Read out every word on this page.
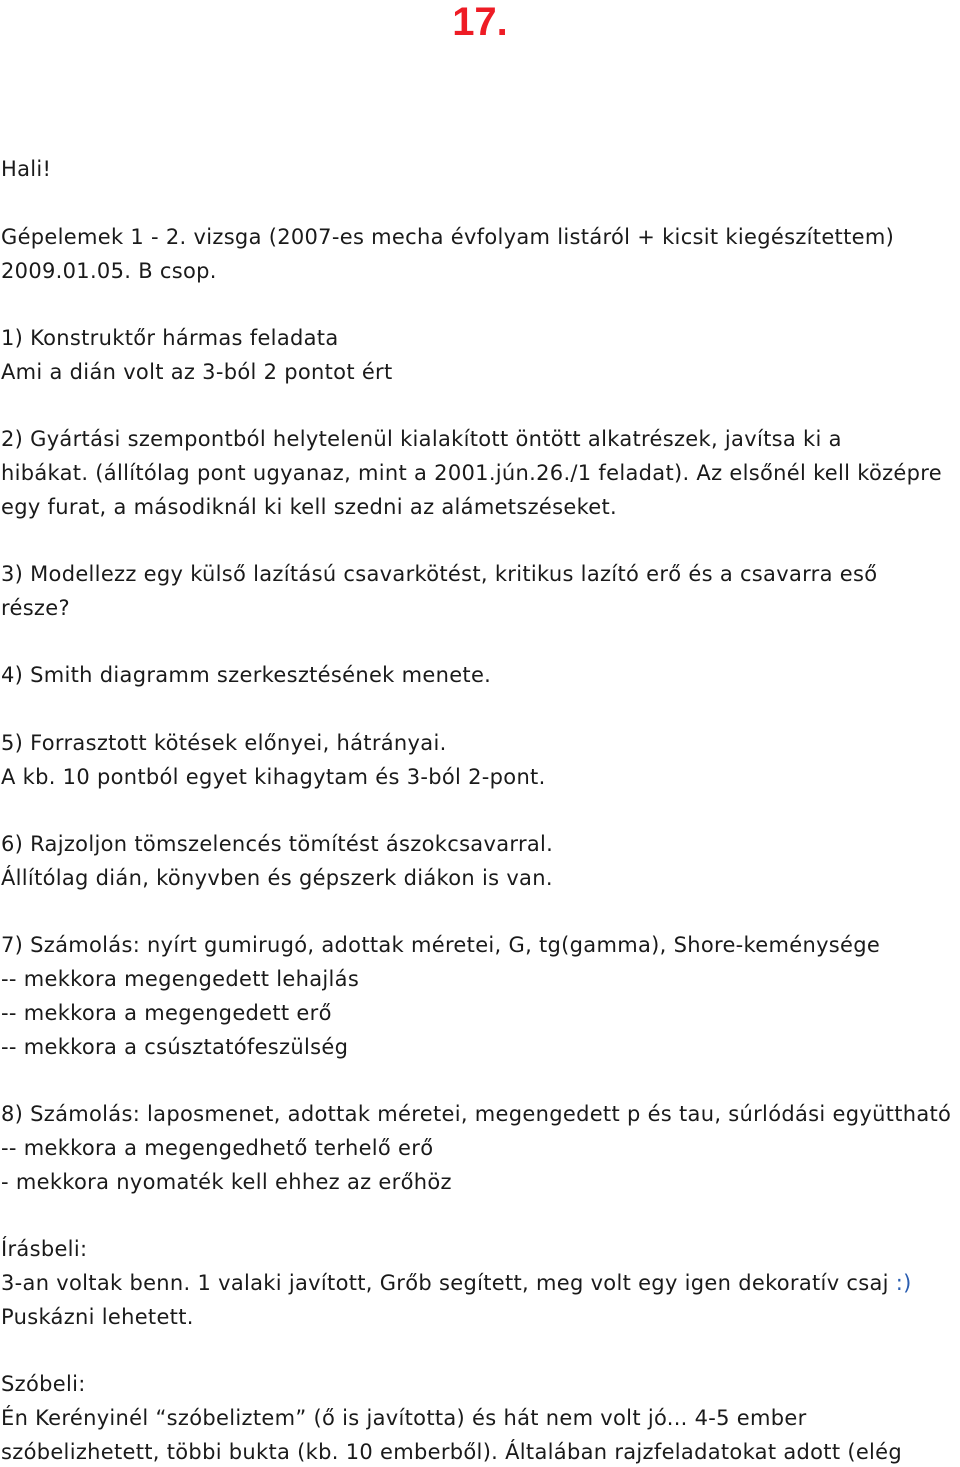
17.
Hali!
Gépelemek 1 - 2. vizsga (2007-es mecha évfolyam listáról + kicsit kiegészítettem)
2009.01.05. B csop.
1) Konstruktőr hármas feladata
Ami a dián volt az 3-ból 2 pontot ért
2) Gyártási szempontból helytelenül kialakított öntött alkatrészek, javítsa ki a
hibákat. (állítólag pont ugyanaz, mint a 2001.jún.26./1 feladat). Az elsőnél kell középre
egy furat, a másodiknál ki kell szedni az alámetszéseket.
3) Modellezz egy külső lazítású csavarkötést, kritikus lazító erő és a csavarra eső
része?
4) Smith diagramm szerkesztésének menete.
5) Forrasztott kötések előnyei, hátrányai.
A kb. 10 pontból egyet kihagytam és 3-ból 2-pont.
6) Rajzoljon tömszelencés tömítést ászokcsavarral.
Állítólag dián, könyvben és gépszerk diákon is van.
7) Számolás: nyírt gumirugó, adottak méretei, G, tg(gamma), Shore-keménysége
-- mekkora megengedett lehajlás
-- mekkora a megengedett erő
-- mekkora a csúsztatófeszülség
8) Számolás: laposmenet, adottak méretei, megengedett p és tau, súrlódási együttható
-- mekkora a megengedhető terhelő erő
- mekkora nyomaték kell ehhez az erőhöz
Írásbeli:
3-an voltak benn. 1 valaki javított, Grőb segített, meg volt egy igen dekoratív csaj :)
Puskázni lehetett.
Szóbeli:
Én Kerényinél “szóbeliztem” (ő is javította) és hát nem volt jó... 4-5 ember
szóbelizhetett, többi bukta (kb. 10 emberből). Általában rajzfeladatokat adott (elég
